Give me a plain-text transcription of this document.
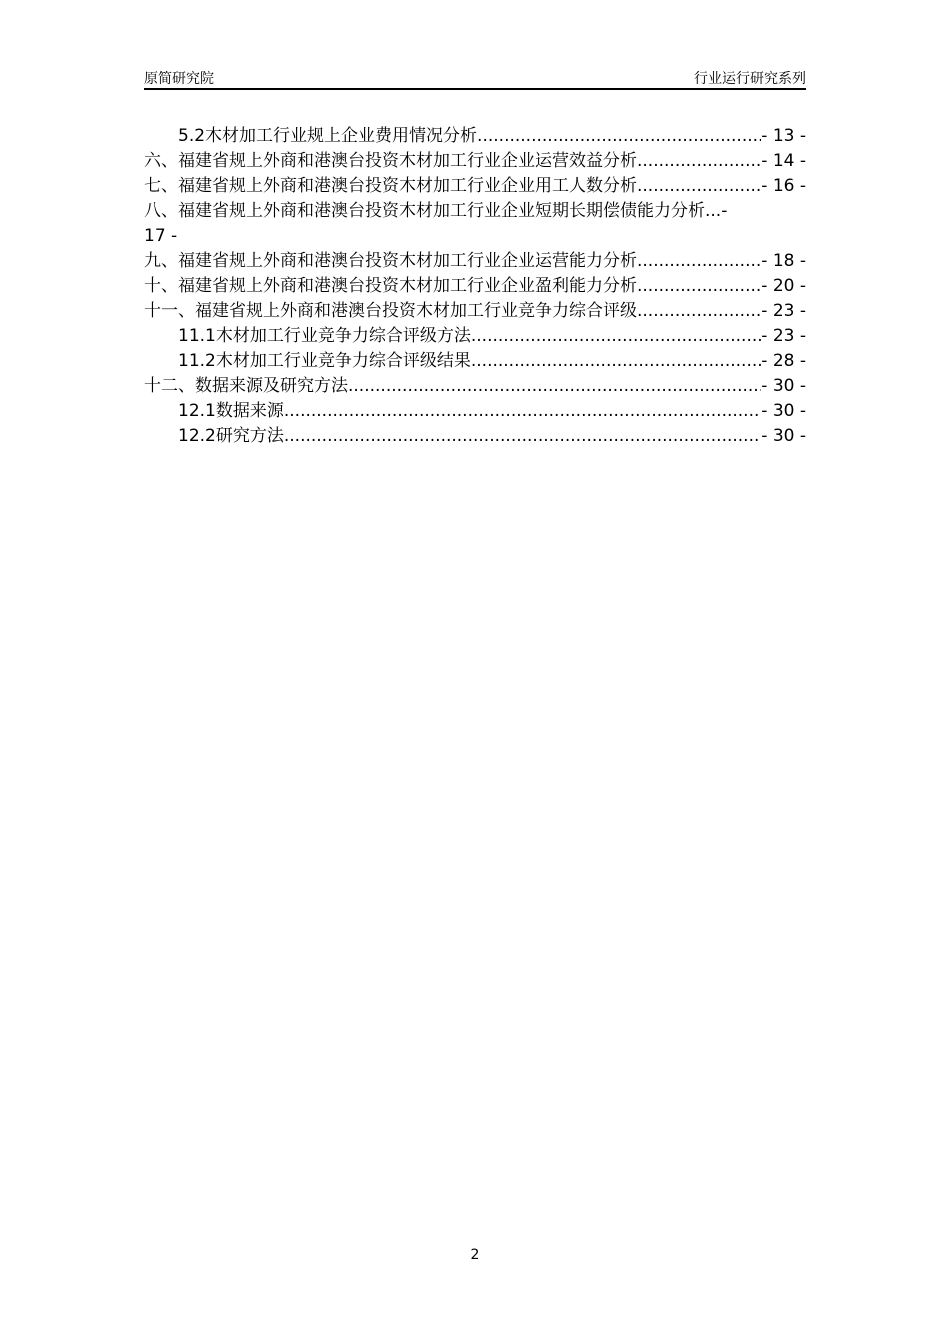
原简研究院	行业运行研究系列
5.2 木材加工行业规上企业费用情况分析 .....	- 13 -
六、福建省规上外商和港澳台投资木材加工行业企业运营效益分析 .....	- 14 -
七、福建省规上外商和港澳台投资木材加工行业企业用工人数分析 .....	- 16 -
八、福建省规上外商和港澳台投资木材加工行业企业短期长期偿债能力分析 ... -
17 -
九、福建省规上外商和港澳台投资木材加工行业企业运营能力分析 .....	- 18 -
十、福建省规上外商和港澳台投资木材加工行业企业盈利能力分析 .....	- 20 -
十一、福建省规上外商和港澳台投资木材加工行业竞争力综合评级 .....	- 23 -
11.1 木材加工行业竞争力综合评级方法 .....	- 23 -
11.2 木材加工行业竞争力综合评级结果 .....	- 28 -
十二、数据来源及研究方法 .....	- 30 -
12.1 数据来源 .....	- 30 -
12.2 研究方法 .....	- 30 -
2
